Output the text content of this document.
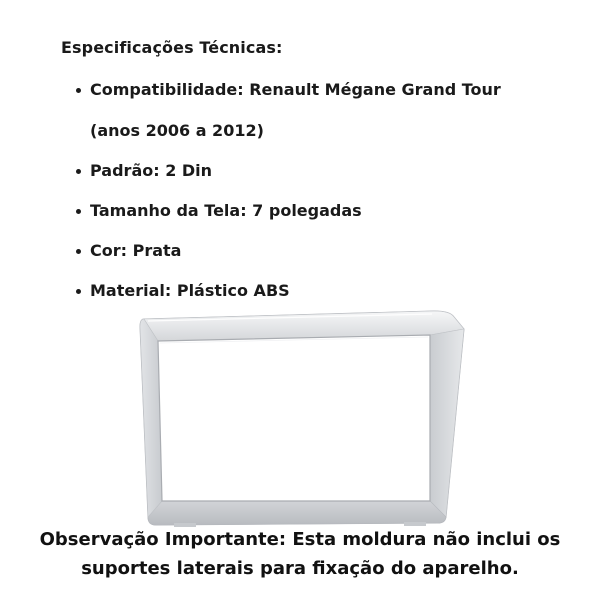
Especificações Técnicas:
Compatibilidade: Renault Mégane Grand Tour
(anos 2006 a 2012)
Padrão: 2 Din
Tamanho da Tela: 7 polegadas
Cor: Prata
Material: Plástico ABS
Observação Importante: Esta moldura não inclui os
suportes laterais para fixação do aparelho.
